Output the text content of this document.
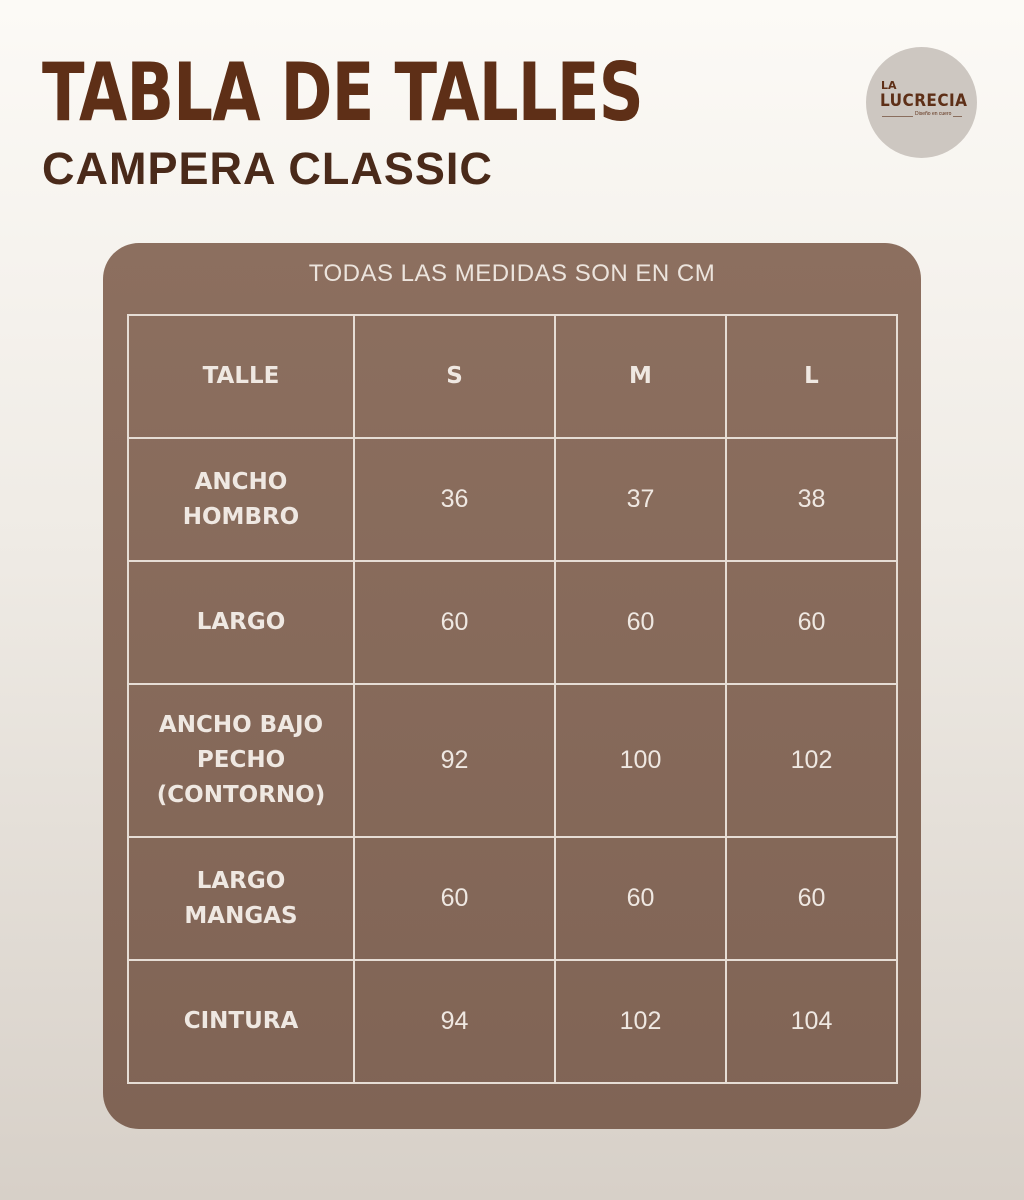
TABLA DE TALLES
CAMPERA CLASSIC
LA
LUCRECIA
Diseño en cuero
TODAS LAS MEDIDAS SON EN CM
TALLE	S	M	L
ANCHO
HOMBRO	36	37	38
LARGO	60	60	60
ANCHO BAJO
PECHO
(CONTORNO)	92	100	102
LARGO
MANGAS	60	60	60
CINTURA	94	102	104
